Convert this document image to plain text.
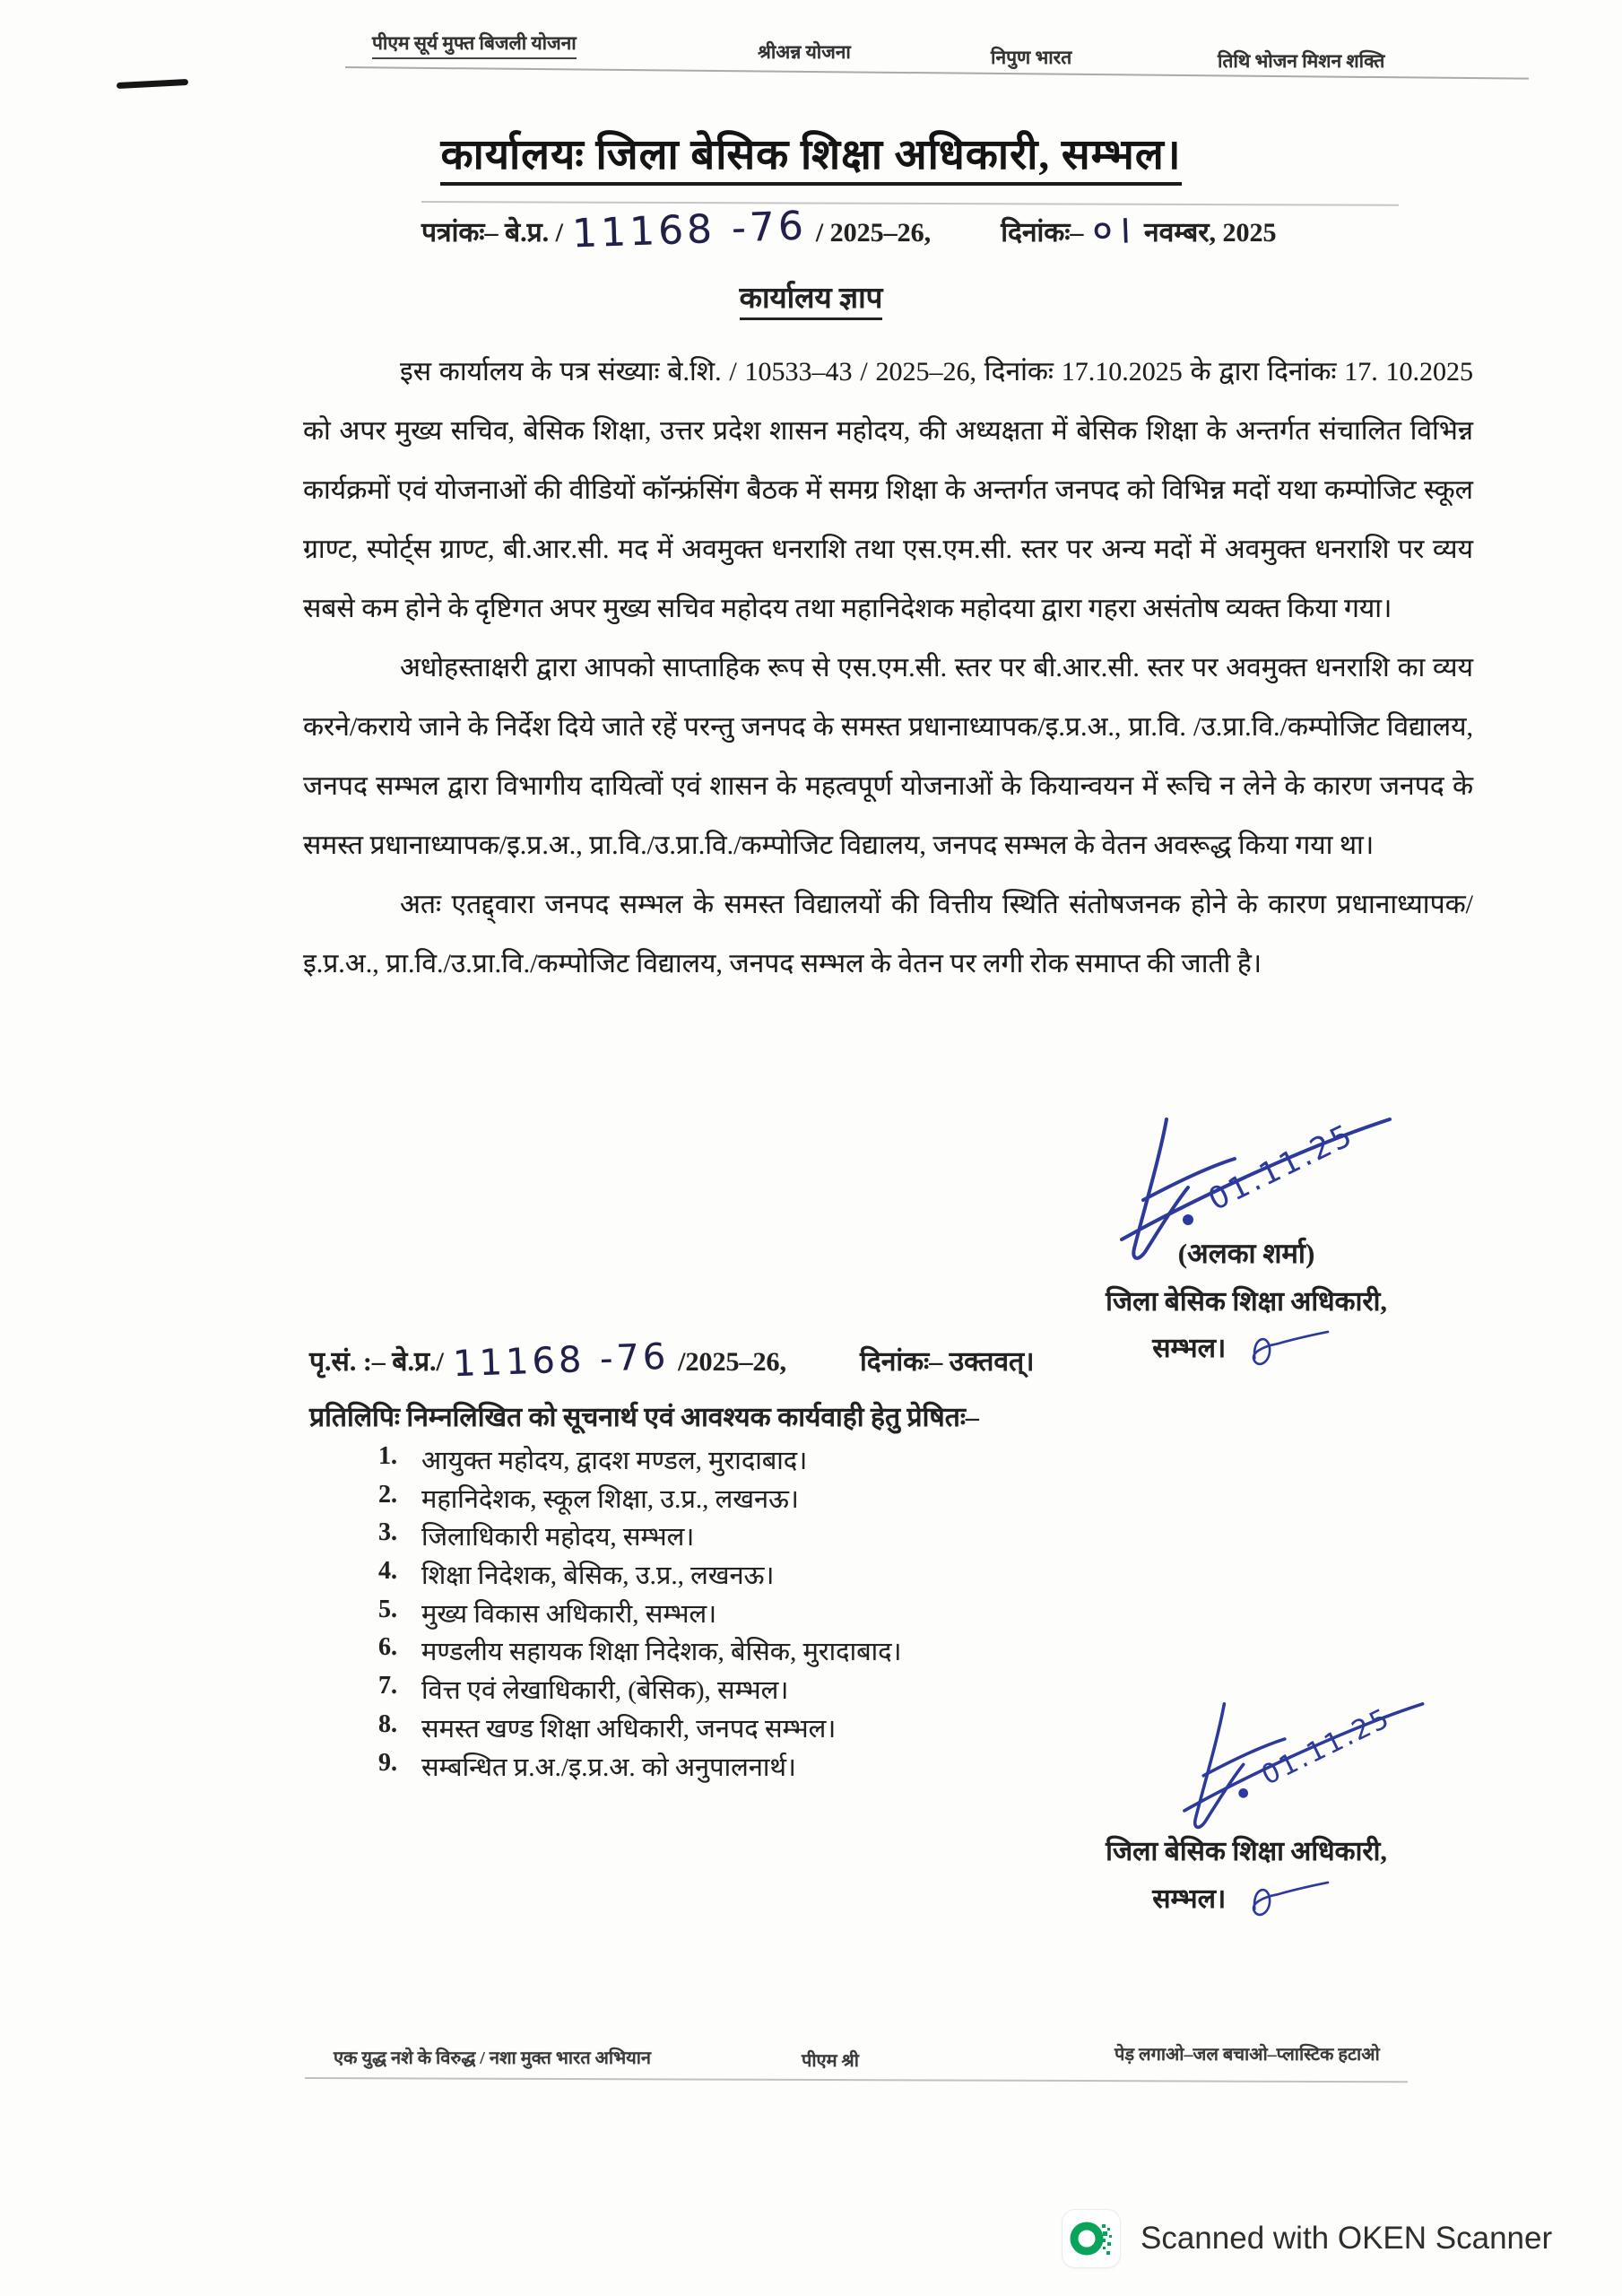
पीएम सूर्य मुफ्त बिजली योजना	श्रीअन्न योजना	निपुण भारत	तिथि भोजन मिशन शक्ति
कार्यालयः जिला बेसिक शिक्षा अधिकारी, सम्भल।
पत्रांकः– बे.प्र. / 11168 -76 / 2025–26,	दिनांकः– ०। नवम्बर, 2025
कार्यालय ज्ञाप

इस कार्यालय के पत्र संख्याः बे.शि. / 10533–43 / 2025–26, दिनांकः 17.10.2025 के द्वारा दिनांकः 17. 10.2025 को अपर मुख्य सचिव, बेसिक शिक्षा, उत्तर प्रदेश शासन महोदय, की अध्यक्षता में बेसिक शिक्षा के अन्तर्गत संचालित विभिन्न कार्यक्रमों एवं योजनाओं की वीडियों कॉन्फ्रंसिंग बैठक में समग्र शिक्षा के अन्तर्गत जनपद को विभिन्न मदों यथा कम्पोजिट स्कूल ग्राण्ट, स्पोर्ट्स ग्राण्ट, बी.आर.सी. मद में अवमुक्त धनराशि तथा एस.एम.सी. स्तर पर अन्य मदों में अवमुक्त धनराशि पर व्यय सबसे कम होने के दृष्टिगत अपर मुख्य सचिव महोदय तथा महानिदेशक महोदया द्वारा गहरा असंतोष व्यक्त किया गया।

अधोहस्ताक्षरी द्वारा आपको साप्ताहिक रूप से एस.एम.सी. स्तर पर बी.आर.सी. स्तर पर अवमुक्त धनराशि का व्यय करने/कराये जाने के निर्देश दिये जाते रहें परन्तु जनपद के समस्त प्रधानाध्यापक/इ.प्र.अ., प्रा.वि. /उ.प्रा.वि./कम्पोजिट विद्यालय, जनपद सम्भल द्वारा विभागीय दायित्वों एवं शासन के महत्वपूर्ण योजनाओं के कियान्वयन में रूचि न लेने के कारण जनपद के समस्त प्रधानाध्यापक/इ.प्र.अ., प्रा.वि./उ.प्रा.वि./कम्पोजिट विद्यालय, जनपद सम्भल के वेतन अवरूद्ध किया गया था।

अतः एतद्द्वारा जनपद सम्भल के समस्त विद्यालयों की वित्तीय स्थिति संतोषजनक होने के कारण प्रधानाध्यापक/इ.प्र.अ., प्रा.वि./उ.प्रा.वि./कम्पोजिट विद्यालय, जनपद सम्भल के वेतन पर लगी रोक समाप्त की जाती है।

01.11.25
(अलका शर्मा)
जिला बेसिक शिक्षा अधिकारी,
सम्भल।
पृ.सं. :– बे.प्र./ 11168 -76 /2025–26,	दिनांकः– उक्तवत्।
प्रतिलिपिः निम्नलिखित को सूचनार्थ एवं आवश्यक कार्यवाही हेतु प्रेषितः–
1. आयुक्त महोदय, द्वादश मण्डल, मुरादाबाद।
2. महानिदेशक, स्कूल शिक्षा, उ.प्र., लखनऊ।
3. जिलाधिकारी महोदय, सम्भल।
4. शिक्षा निदेशक, बेसिक, उ.प्र., लखनऊ।
5. मुख्य विकास अधिकारी, सम्भल।
6. मण्डलीय सहायक शिक्षा निदेशक, बेसिक, मुरादाबाद।
7. वित्त एवं लेखाधिकारी, (बेसिक), सम्भल।
8. समस्त खण्ड शिक्षा अधिकारी, जनपद सम्भल।
9. सम्बन्धित प्र.अ./इ.प्र.अ. को अनुपालनार्थ।	01.11.25
जिला बेसिक शिक्षा अधिकारी,
सम्भल।
एक युद्ध नशे के विरुद्ध / नशा मुक्त भारत अभियान	पीएम श्री	पेड़ लगाओ–जल बचाओ–प्लास्टिक हटाओ
Scanned with OKEN Scanner
